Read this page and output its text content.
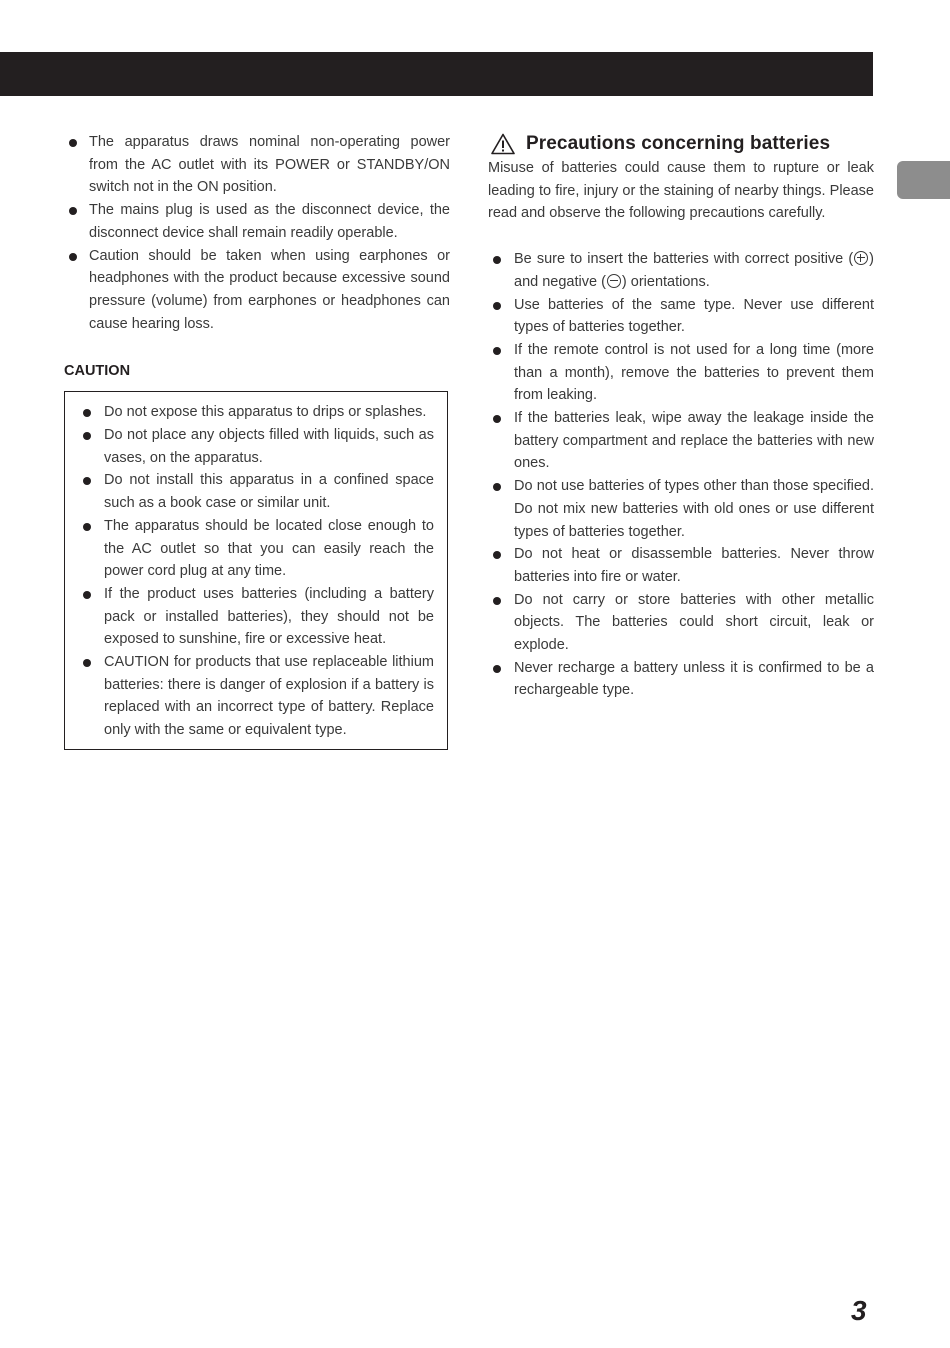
The apparatus draws nominal non-operating power from the AC outlet with its POWER or STANDBY/ON switch not in the ON position.
The mains plug is used as the disconnect device, the disconnect device shall remain readily operable.
Caution should be taken when using earphones or headphones with the product because excessive sound pressure (volume) from earphones or headphones can cause hearing loss.

CAUTION

Do not expose this apparatus to drips or splashes.
Do not place any objects filled with liquids, such as vases, on the apparatus.
Do not install this apparatus in a confined space such as a book case or similar unit.
The apparatus should be located close enough to the AC outlet so that you can easily reach the power cord plug at any time.
If the product uses batteries (including a battery pack or installed batteries), they should not be exposed to sunshine, fire or excessive heat.
CAUTION for products that use replaceable lithium batteries: there is danger of explosion if a battery is replaced with an incorrect type of battery. Replace only with the same or equivalent type.
Precautions concerning batteries

Misuse of batteries could cause them to rupture or leak leading to fire, injury or the staining of nearby things. Please read and observe the following precautions carefully.

Be sure to insert the batteries with correct positive ( ) and negative ( ) orientations.
Use batteries of the same type. Never use different types of batteries together.
If the remote control is not used for a long time (more than a month), remove the batteries to prevent them from leaking.
If the batteries leak, wipe away the leakage inside the battery compartment and replace the batteries with new ones.
Do not use batteries of types other than those specified. Do not mix new batteries with old ones or use different types of batteries together.
Do not heat or disassemble batteries. Never throw batteries into fire or water.
Do not carry or store batteries with other metallic objects. The batteries could short circuit, leak or explode.
Never recharge a battery unless it is confirmed to be a rechargeable type.
3
